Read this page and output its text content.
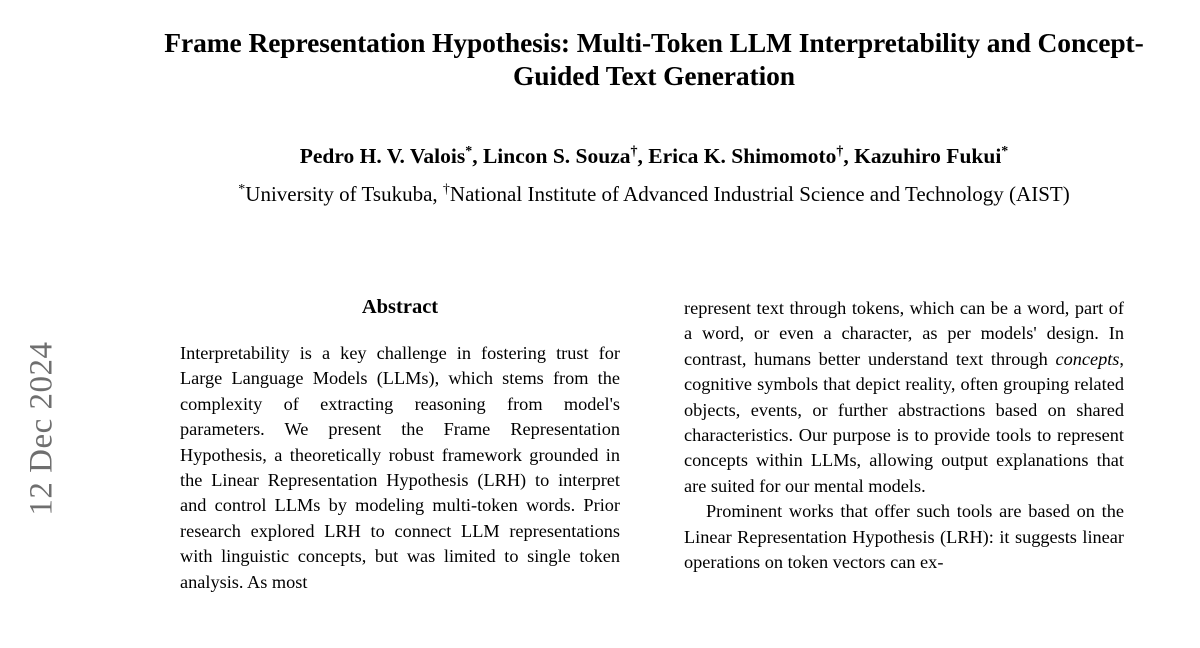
12 Dec 2024
Frame Representation Hypothesis: Multi-Token LLM Interpretability and Concept-Guided Text Generation

Pedro H. V. Valois*, Lincon S. Souza†, Erica K. Shimomoto†, Kazuhiro Fukui*

*University of Tsukuba, †National Institute of Advanced Industrial Science and Technology (AIST)

Abstract

Interpretability is a key challenge in fostering trust for Large Language Models (LLMs), which stems from the complexity of extracting reasoning from model's parameters. We present the Frame Representation Hypothesis, a theoretically robust framework grounded in the Linear Representation Hypothesis (LRH) to interpret and control LLMs by modeling multi-token words. Prior research explored LRH to connect LLM representations with linguistic concepts, but was limited to single token analysis. As most

represent text through tokens, which can be a word, part of a word, or even a character, as per models' design. In contrast, humans better understand text through concepts, cognitive symbols that depict reality, often grouping related objects, events, or further abstractions based on shared characteristics. Our purpose is to provide tools to represent concepts within LLMs, allowing output explanations that are suited for our mental models.

Prominent works that offer such tools are based on the Linear Representation Hypothesis (LRH): it suggests linear operations on token vectors can ex-
